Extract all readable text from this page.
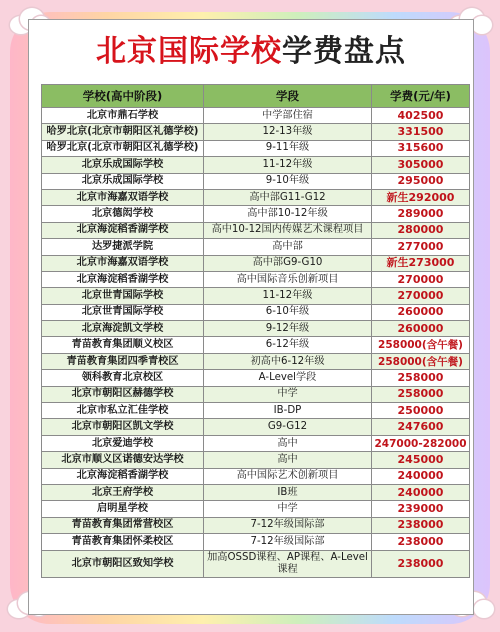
北京国际学校学费盘点
学校(高中阶段)	学段	学费(元/年)
北京市鼎石学校	中学部住宿	402500
哈罗北京(北京市朝阳区礼德学校)	12-13年级	331500
哈罗北京(北京市朝阳区礼德学校)	9-11年级	315600
北京乐成国际学校	11-12年级	305000
北京乐成国际学校	9-10年级	295000
北京市海嘉双语学校	高中部G11-G12	新生292000
北京德闳学校	高中部10-12年级	289000
北京海淀稻香湖学校	高中10-12国内传媒艺术课程项目	280000
达罗捷派学院	高中部	277000
北京市海嘉双语学校	高中部G9-G10	新生273000
北京海淀稻香湖学校	高中国际音乐创新项目	270000
北京世青国际学校	11-12年级	270000
北京世青国际学校	6-10年级	260000
北京海淀凯文学校	9-12年级	260000
青苗教育集团顺义校区	6-12年级	258000(含午餐)
青苗教育集团四季青校区	初高中6-12年级	258000(含午餐)
领科教育北京校区	A-Level学段	258000
北京市朝阳区赫德学校	中学	258000
北京市私立汇佳学校	IB-DP	250000
北京市朝阳区凯文学校	G9-G12	247600
北京爱迪学校	高中	247000-282000
北京市顺义区诺德安达学校	高中	245000
北京海淀稻香湖学校	高中国际艺术创新项目	240000
北京王府学校	IB班	240000
启明星学校	中学	239000
青苗教育集团常营校区	7-12年级国际部	238000
青苗教育集团怀柔校区	7-12年级国际部	238000
北京市朝阳区致知学校	加高OSSD课程、AP课程、A-Level课程	238000
